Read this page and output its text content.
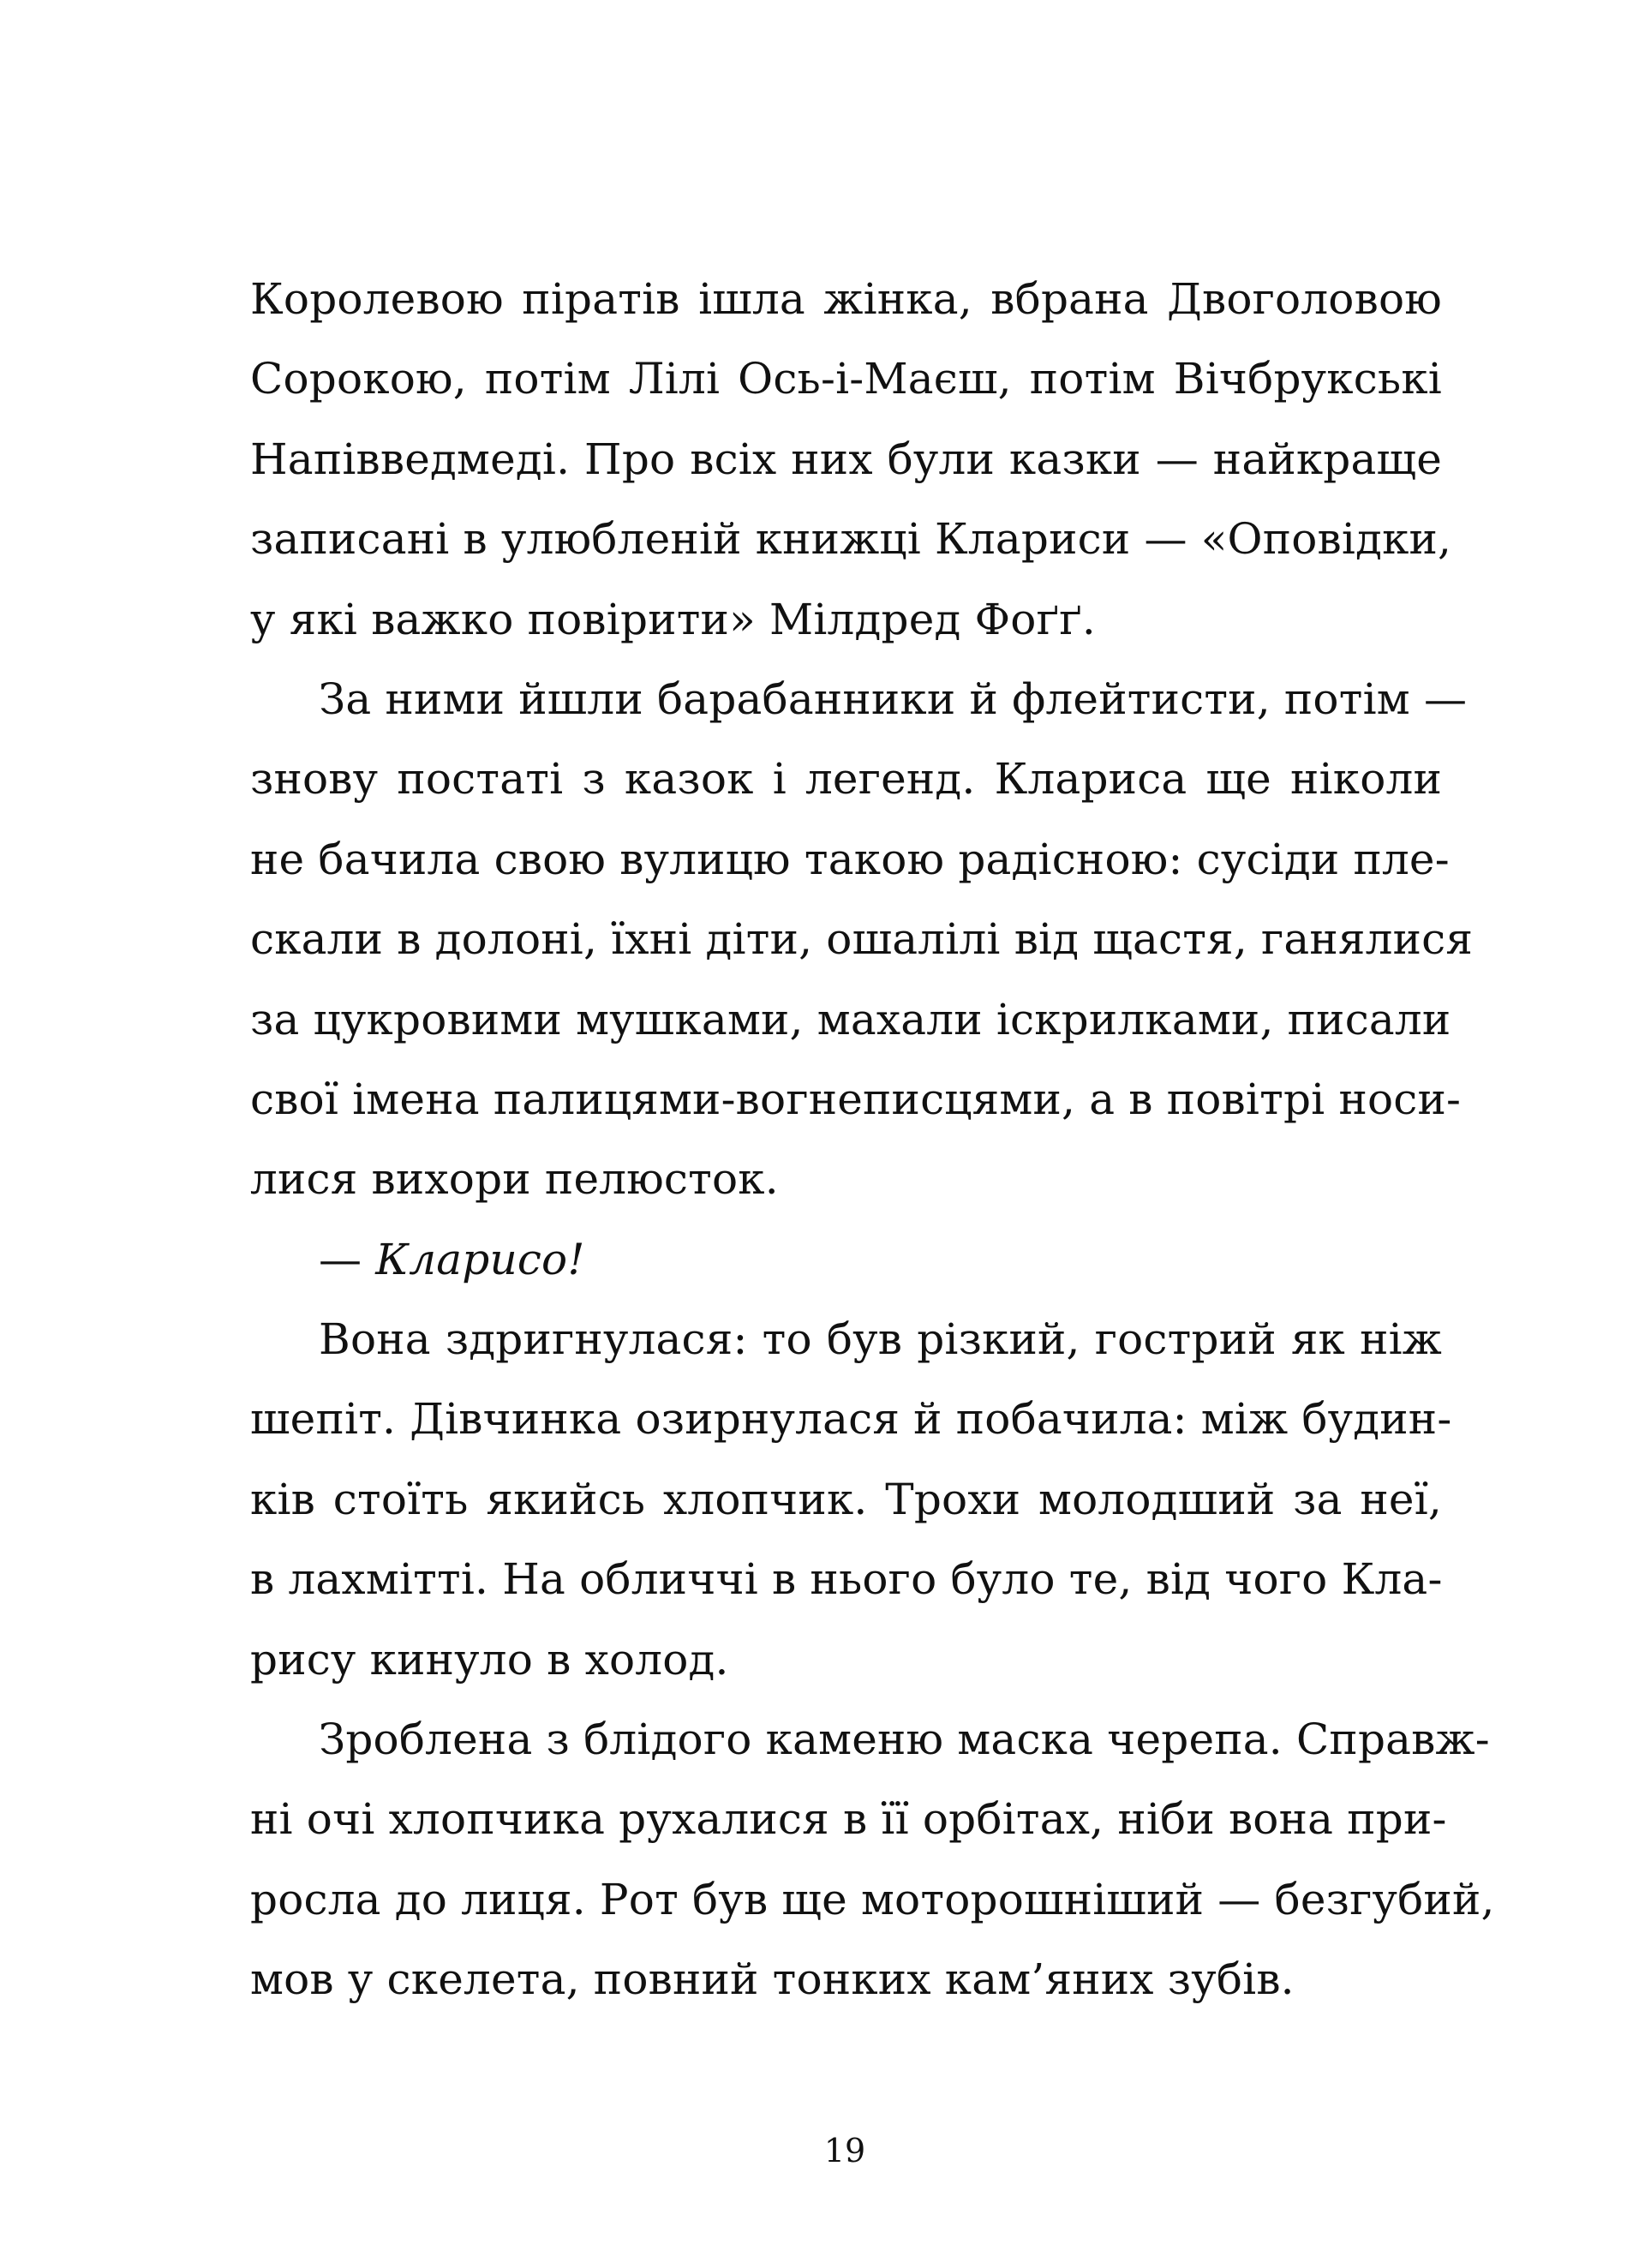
Королевою піратів ішла жінка, вбрана Двоголовою
Сорокою, потім Лілі Ось-і-Маєш, потім Вічбрукські
Напівведмеді. Про всіх них були казки — найкраще
записані в улюбленій книжці Клариси — «Оповідки,
у які важко повірити» Мілдред Фоґґ.
За ними йшли барабанники й флейтисти, потім —
знову постаті з казок і легенд. Клариса ще ніколи
не бачила свою вулицю такою радісною: сусіди пле-
скали в долоні, їхні діти, ошалілі від щастя, ганялися
за цукровими мушками, махали іскрилками, писали
свої імена палицями-вогнеписцями, а в повітрі носи-
лися вихори пелюсток.
— Кларисо!
Вона здригнулася: то був різкий, гострий як ніж
шепіт. Дівчинка озирнулася й побачила: між будин-
ків стоїть якийсь хлопчик. Трохи молодший за неї,
в лахмітті. На обличчі в нього було те, від чого Кла-
рису кинуло в холод.
Зроблена з блідого каменю маска черепа. Справж-
ні очі хлопчика рухалися в її орбітах, ніби вона при-
росла до лиця. Рот був ще моторошніший — безгубий,
мов у скелета, повний тонких кам’яних зубів.
19
